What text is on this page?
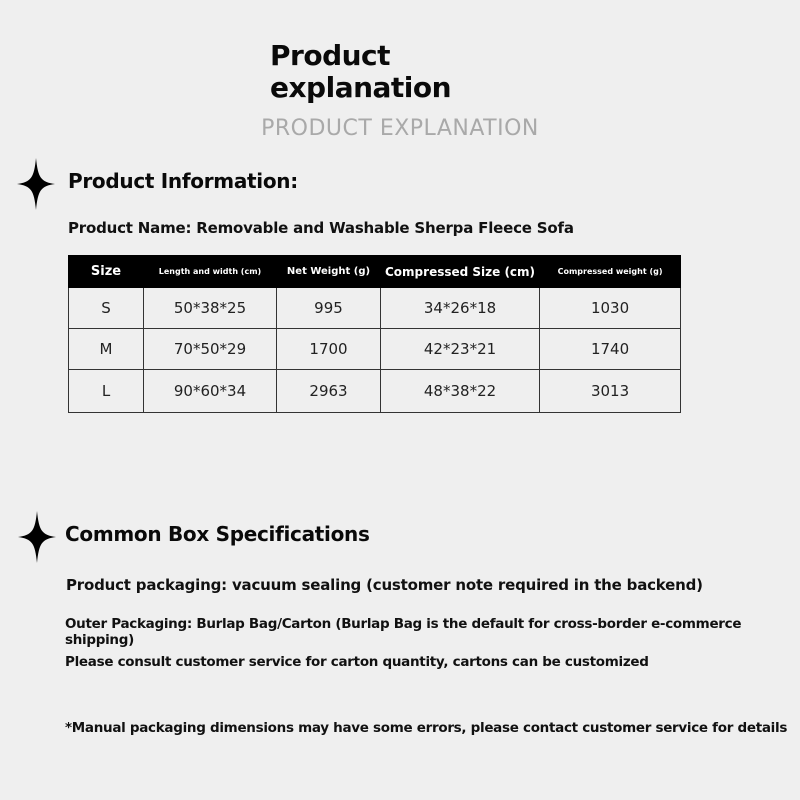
Product
explanation
PRODUCT EXPLANATION
Product Information:
Product Name: Removable and Washable Sherpa Fleece Sofa
Size	Length and width (cm)	Net Weight (g)	Compressed Size (cm)	Compressed weight (g)
S	50*38*25	995	34*26*18	1030
M	70*50*29	1700	42*23*21	1740
L	90*60*34	2963	48*38*22	3013
Common Box Specifications
Product packaging: vacuum sealing (customer note required in the backend)
Outer Packaging: Burlap Bag/Carton (Burlap Bag is the default for cross-border e-commerce shipping)
Please consult customer service for carton quantity, cartons can be customized
*Manual packaging dimensions may have some errors, please contact customer service for details
